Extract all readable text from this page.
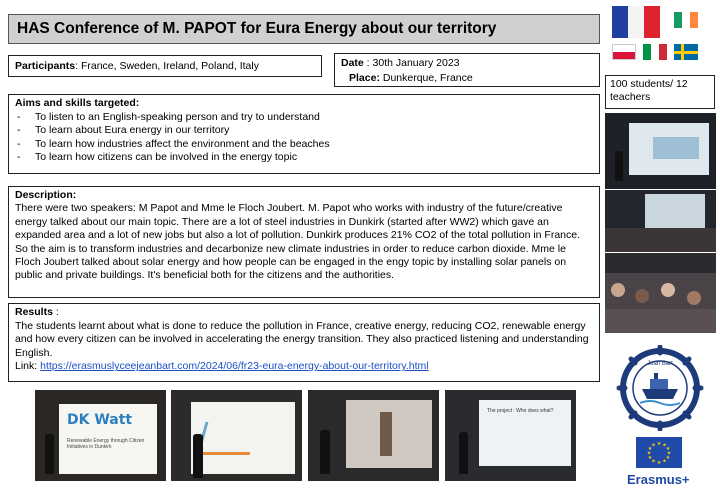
HAS Conference of M. PAPOT for Eura Energy about our territory
Participants: France, Sweden, Ireland, Poland, Italy	Date : 30th January 2023
Place: Dunkerque, France
Aims and skills targeted:
- To listen to an English-speaking person and try to understand
- To learn about Eura energy in our territory
- To learn how industries affect the environment and the beaches
- To learn how citizens can be involved in the energy topic
Description:
There were two speakers: M Papot and Mme le Floch Joubert. M. Papot who works with industry of the future/creative energy talked about our main topic. There are a lot of steel industries in Dunkirk (started after WW2) which gave an expanded area and a lot of new jobs but also a lot of pollution. Dunkirk produces 21% CO2 of the total pollution in France. So the aim is to transform industries and decarbonize new climate industries in order to reduce carbon dioxide. Mme le Floch Joubert talked about solar energy and how people can be engaged in the engy topic by installing solar panels on public and private buildings. It's beneficial both for the citizens and the authorities.
Results :
The students learnt about what is done to reduce the pollution in France, creative energy, reducing CO2, renewable energy and how every citizen can be involved in accelerating the energy transition. They also practiced listening and understanding English.
Link: https://erasmuslyceejeanbart.com/2024/06/fr23-eura-energy-about-our-territory.html
100 students/ 12 teachers
Jean Bart
★ ★
★
★
★
★
★
★
★
★
★
★
Erasmus+
DK Watt
Renewable Energy through Citizen Initiatives in Dunkirk
The project : Who does what?
